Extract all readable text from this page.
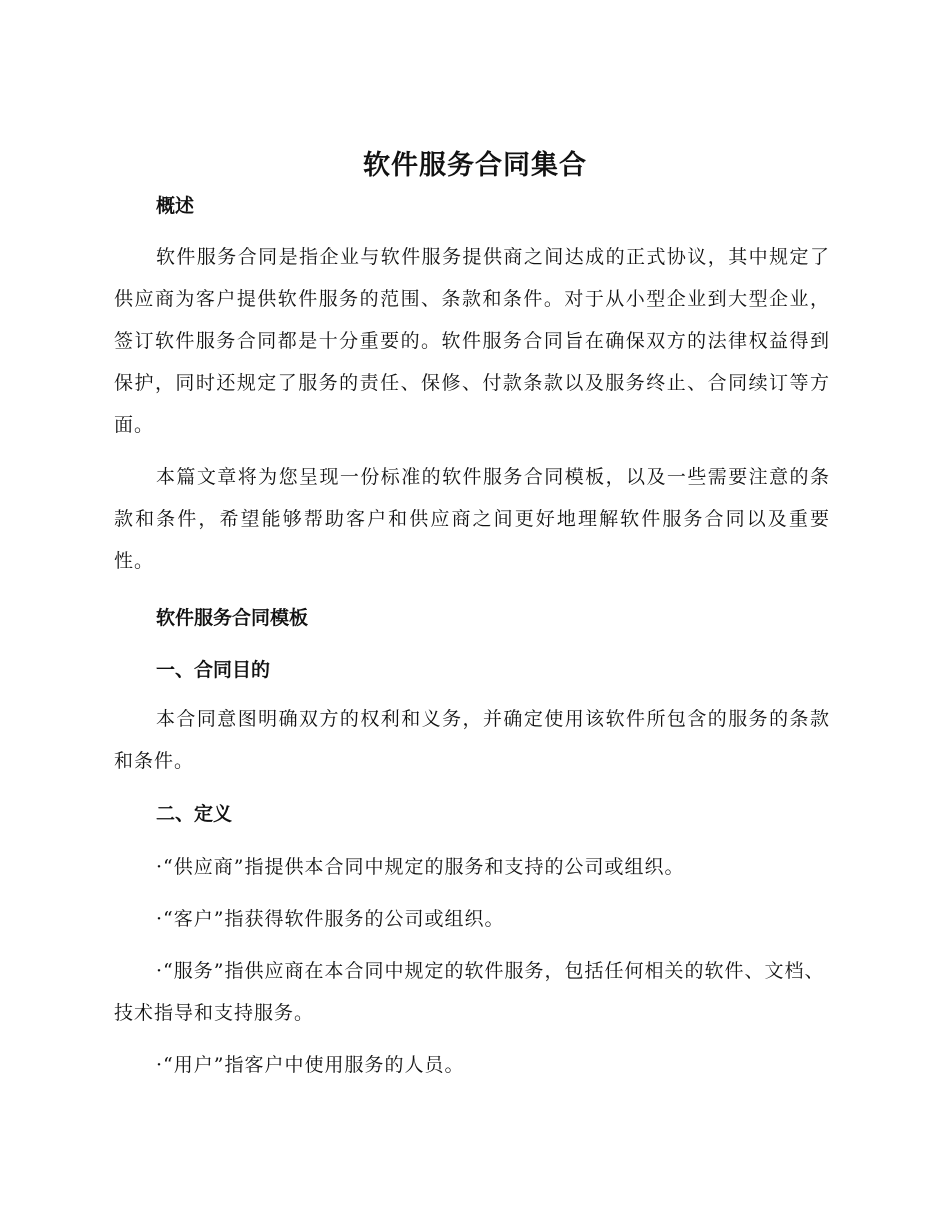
软件服务合同集合
概述

软件服务合同是指企业与软件服务提供商之间达成的正式协议，其中规定了供应商为客户提供软件服务的范围、条款和条件。对于从小型企业到大型企业，签订软件服务合同都是十分重要的。软件服务合同旨在确保双方的法律权益得到保护，同时还规定了服务的责任、保修、付款条款以及服务终止、合同续订等方面。

本篇文章将为您呈现一份标准的软件服务合同模板，以及一些需要注意的条款和条件，希望能够帮助客户和供应商之间更好地理解软件服务合同以及重要性。

软件服务合同模板
一、合同目的

本合同意图明确双方的权利和义务，并确定使用该软件所包含的服务的条款和条件。

二、定义

·“供应商”指提供本合同中规定的服务和支持的公司或组织。

·“客户”指获得软件服务的公司或组织。

·“服务”指供应商在本合同中规定的软件服务，包括任何相关的软件、文档、技术指导和支持服务。

·“用户”指客户中使用服务的人员。
